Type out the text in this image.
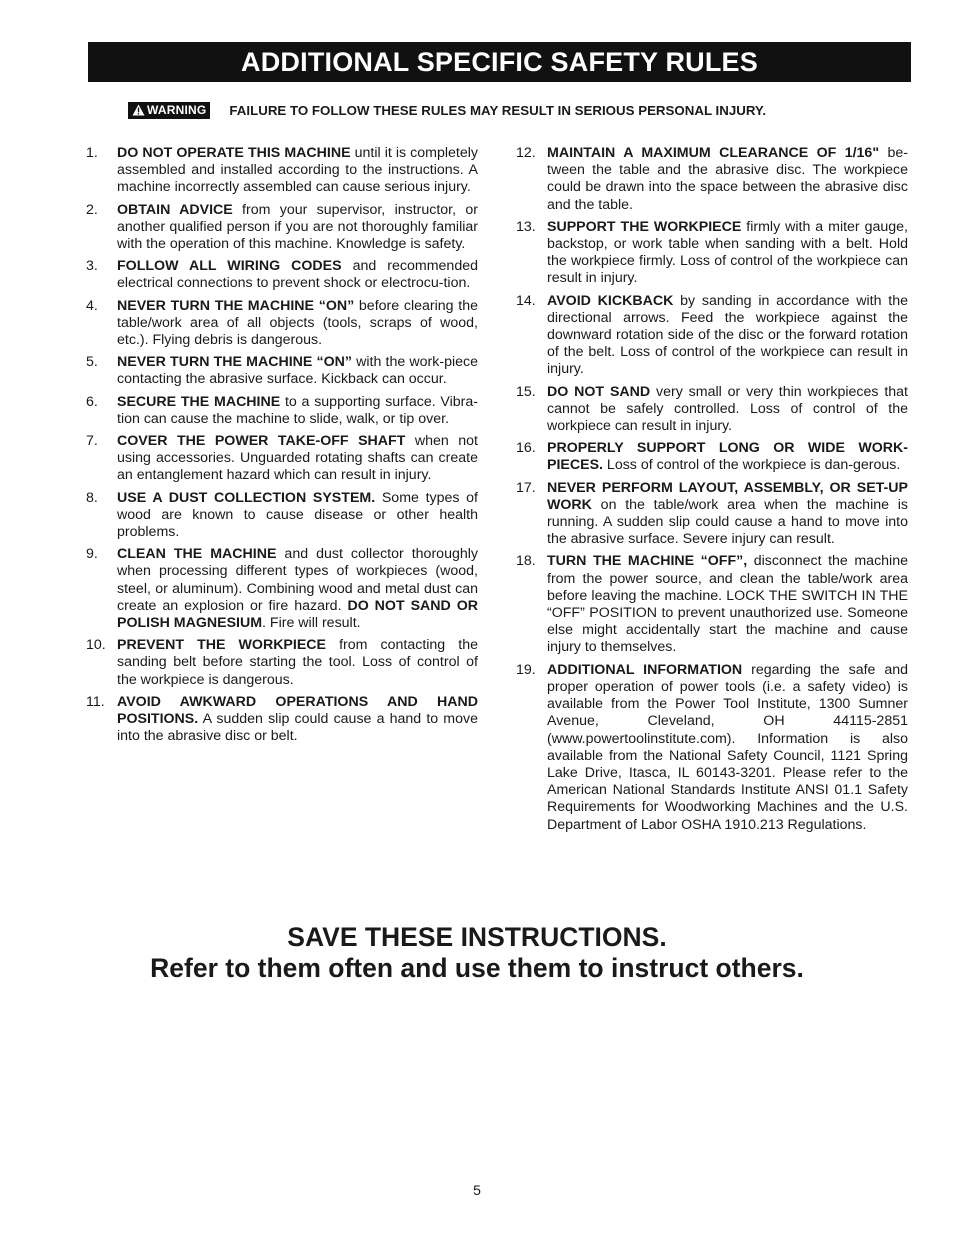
ADDITIONAL SPECIFIC SAFETY RULES
WARNING FAILURE TO FOLLOW THESE RULES MAY RESULT IN SERIOUS PERSONAL INJURY.
1.	DO NOT OPERATE THIS MACHINE until it is completely assembled and installed according to the instructions. A machine incorrectly assembled can cause serious injury.
2.	OBTAIN ADVICE from your supervisor, instructor, or another qualified person if you are not thoroughly familiar with the operation of this machine. Knowledge is safety.
3.	FOLLOW ALL WIRING CODES and recommended electrical connections to prevent shock or electrocu-tion.
4.	NEVER TURN THE MACHINE “ON” before clearing the table/work area of all objects (tools, scraps of wood, etc.). Flying debris is dangerous.
5.	NEVER TURN THE MACHINE “ON” with the work-piece contacting the abrasive surface. Kickback can occur.
6.	SECURE THE MACHINE to a supporting surface. Vibra-tion can cause the machine to slide, walk, or tip over.
7.	COVER THE POWER TAKE-OFF SHAFT when not using accessories. Unguarded rotating shafts can create an entanglement hazard which can result in injury.
8.	USE A DUST COLLECTION SYSTEM. Some types of wood are known to cause disease or other health problems.
9.	CLEAN THE MACHINE and dust collector thoroughly when processing different types of workpieces (wood, steel, or aluminum). Combining wood and metal dust can create an explosion or fire hazard. DO NOT SAND OR POLISH MAGNESIUM. Fire will result.
10. PREVENT THE WORKPIECE from contacting the sanding belt before starting the tool. Loss of control of the workpiece is dangerous.
11. AVOID AWKWARD OPERATIONS AND HAND POSITIONS. A sudden slip could cause a hand to move into the abrasive disc or belt.
12. MAINTAIN A MAXIMUM CLEARANCE OF 1/16" be-tween the table and the abrasive disc. The workpiece could be drawn into the space between the abrasive disc and the table.
13. SUPPORT THE WORKPIECE firmly with a miter gauge, backstop, or work table when sanding with a belt. Hold the workpiece firmly. Loss of control of the workpiece can result in injury.
14. AVOID KICKBACK by sanding in accordance with the directional arrows. Feed the workpiece against the downward rotation side of the disc or the forward rotation of the belt. Loss of control of the workpiece can result in injury.
15. DO NOT SAND very small or very thin workpieces that cannot be safely controlled. Loss of control of the workpiece can result in injury.
16. PROPERLY SUPPORT LONG OR WIDE WORK-PIECES. Loss of control of the workpiece is dan-gerous.
17. NEVER PERFORM LAYOUT, ASSEMBLY, OR SET-UP WORK on the table/work area when the machine is running. A sudden slip could cause a hand to move into the abrasive surface. Severe injury can result.
18. TURN THE MACHINE “OFF”, disconnect the machine from the power source, and clean the table/work area before leaving the machine. LOCK THE SWITCH IN THE “OFF” POSITION to prevent unauthorized use. Someone else might accidentally start the machine and cause injury to themselves.
19. ADDITIONAL INFORMATION regarding the safe and proper operation of power tools (i.e. a safety video) is available from the Power Tool Institute, 1300 Sumner Avenue, Cleveland, OH 44115-2851 (www.powertoolinstitute.com). Information is also available from the National Safety Council, 1121 Spring Lake Drive, Itasca, IL 60143-3201. Please refer to the American National Standards Institute ANSI 01.1 Safety Requirements for Woodworking Machines and the U.S. Department of Labor OSHA 1910.213 Regulations.
SAVE THESE INSTRUCTIONS.
Refer to them often and use them to instruct others.
5
